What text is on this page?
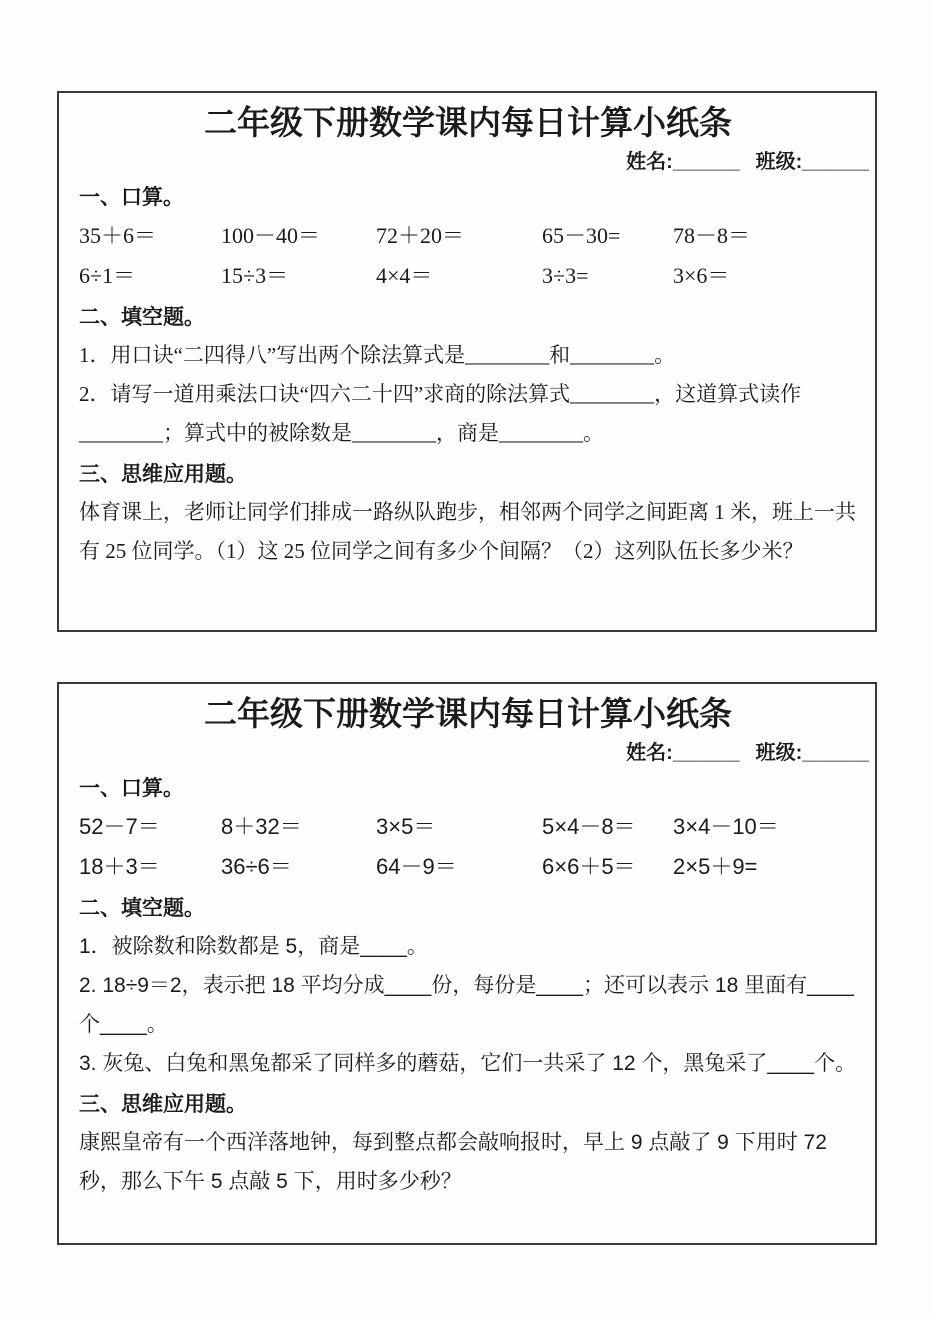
二年级下册数学课内每日计算小纸条
姓名:______ 班级:______
一、口算。
35＋6＝	100－40＝	72＋20＝	65－30=	78－8＝
6÷1＝	15÷3＝	4×4＝	3÷3=	3×6＝
二、填空题。
1．用口诀“二四得八”写出两个除法算式是________和________。
2．请写一道用乘法口诀“四六二十四”求商的除法算式________，这道算式读作________；算式中的被除数是________，商是________。
三、思维应用题。
体育课上，老师让同学们排成一路纵队跑步，相邻两个同学之间距离 1 米，班上一共有 25 位同学。（1）这 25 位同学之间有多少个间隔？（2）这列队伍长多少米？
二年级下册数学课内每日计算小纸条
姓名:______ 班级:______
一、口算。
52－7＝	8＋32＝	3×5＝	5×4－8＝	3×4－10＝
18＋3＝	36÷6＝	64－9＝	6×6＋5＝	2×5＋9=
二、填空题。
1．被除数和除数都是 5，商是____。
2. 18÷9＝2，表示把 18 平均分成____份，每份是____；还可以表示 18 里面有____个____。
3. 灰兔、白兔和黑兔都采了同样多的蘑菇，它们一共采了 12 个，黑兔采了____个。
三、思维应用题。
康熙皇帝有一个西洋落地钟，每到整点都会敲响报时，早上 9 点敲了 9 下用时 72 秒，那么下午 5 点敲 5 下，用时多少秒？
